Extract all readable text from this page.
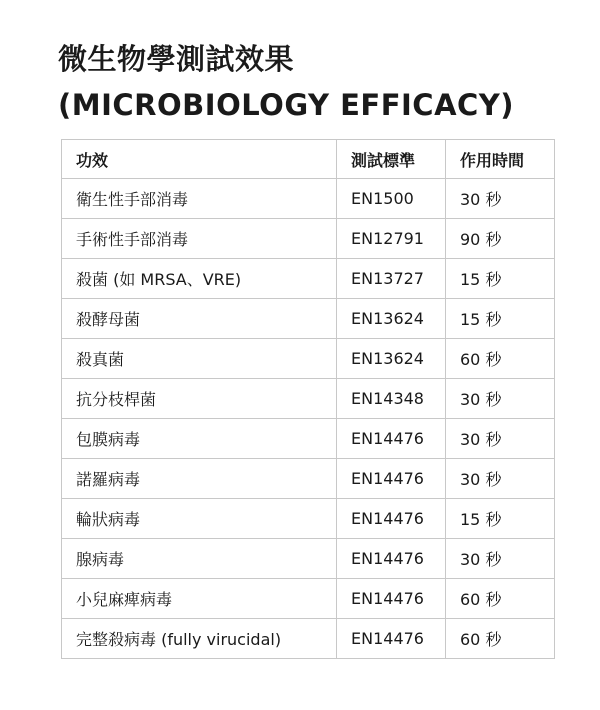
微生物學測試效果
(MICROBIOLOGY EFFICACY)
功效	測試標準	作用時間
衛生性手部消毒	EN1500	30 秒
手術性手部消毒	EN12791	90 秒
殺菌 (如 MRSA、VRE)	EN13727	15 秒
殺酵母菌	EN13624	15 秒
殺真菌	EN13624	60 秒
抗分枝桿菌	EN14348	30 秒
包膜病毒	EN14476	30 秒
諾羅病毒	EN14476	30 秒
輪狀病毒	EN14476	15 秒
腺病毒	EN14476	30 秒
小兒麻痺病毒	EN14476	60 秒
完整殺病毒 (fully virucidal)	EN14476	60 秒
